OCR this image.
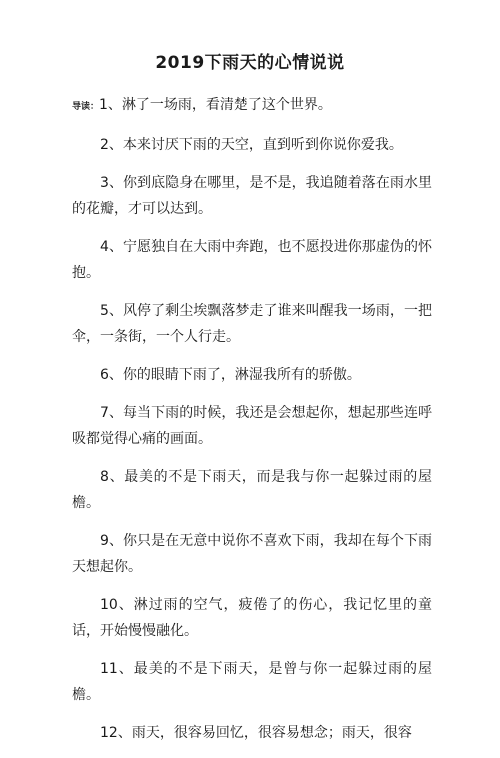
2019下雨天的心情说说

导读：1、淋了一场雨，看清楚了这个世界。

2、本来讨厌下雨的天空，直到听到你说你爱我。

3、你到底隐身在哪里，是不是，我追随着落在雨水里的花瓣，才可以达到。

4、宁愿独自在大雨中奔跑，也不愿投进你那虚伪的怀抱。

5、风停了剩尘埃飘落梦走了谁来叫醒我一场雨，一把伞，一条街，一个人行走。

6、你的眼睛下雨了，淋湿我所有的骄傲。

7、每当下雨的时候，我还是会想起你，想起那些连呼吸都觉得心痛的画面。

8、最美的不是下雨天，而是我与你一起躲过雨的屋檐。

9、你只是在无意中说你不喜欢下雨，我却在每个下雨天想起你。

10、淋过雨的空气，疲倦了的伤心，我记忆里的童话，开始慢慢融化。

11、最美的不是下雨天，是曾与你一起躲过雨的屋檐。

12、雨天，很容易回忆，很容易想念；雨天，很容
